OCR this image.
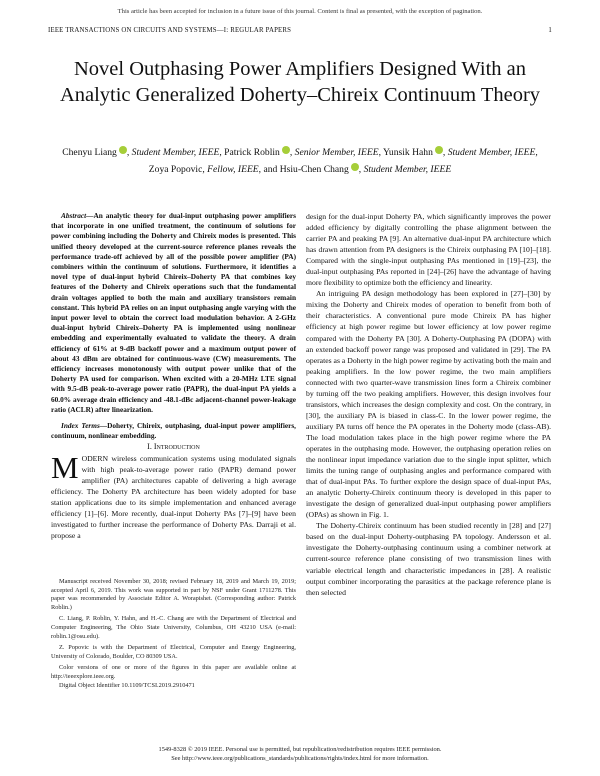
This article has been accepted for inclusion in a future issue of this journal. Content is final as presented, with the exception of pagination.
IEEE TRANSACTIONS ON CIRCUITS AND SYSTEMS—I: REGULAR PAPERS	1
Novel Outphasing Power Amplifiers Designed With an Analytic Generalized Doherty–Chireix Continuum Theory
Chenyu Liang , Student Member, IEEE, Patrick Roblin , Senior Member, IEEE, Yunsik Hahn , Student Member, IEEE, Zoya Popovic, Fellow, IEEE, and Hsiu-Chen Chang , Student Member, IEEE

Abstract—An analytic theory for dual-input outphasing power amplifiers that incorporate in one unified treatment, the continuum of solutions for power combining including the Doherty and Chireix modes is presented. This unified theory developed at the current-source reference planes reveals the performance trade-off achieved by all of the possible power amplifier (PA) combiners within the continuum of solutions. Furthermore, it identifies a novel type of dual-input hybrid Chireix–Doherty PA that combines key features of the Doherty and Chireix operations such that the fundamental drain voltages applied to both the main and auxiliary transistors remain constant. This hybrid PA relies on an input outphasing angle varying with the input power level to obtain the correct load modulation behavior. A 2-GHz dual-input hybrid Chireix–Doherty PA is implemented using nonlinear embedding and experimentally evaluated to validate the theory. A drain efficiency of 61% at 9-dB backoff power and a maximum output power of about 43 dBm are obtained for continuous-wave (CW) measurements. The efficiency increases monotonously with output power unlike that of the Doherty PA used for comparison. When excited with a 20-MHz LTE signal with 9.5-dB peak-to-average power ratio (PAPR), the dual-input PA yields a 60.0% average drain efficiency and -48.1-dBc adjacent-channel power-leakage ratio (ACLR) after linearization.

Index Terms—Doherty, Chireix, outphasing, dual-input power amplifiers, continuum, nonlinear embedding.

I. Introduction

MODERN wireless communication systems using modulated signals with high peak-to-average power ratio (PAPR) demand power amplifier (PA) architectures capable of delivering a high average efficiency. The Doherty PA architecture has been widely adopted for base station applications due to its simple implementation and enhanced average efficiency [1]–[6]. More recently, dual-input Doherty PAs [7]–[9] have been investigated to further increase the performance of Doherty PAs. Darraji et al. propose a

Manuscript received November 30, 2018; revised February 18, 2019 and March 19, 2019; accepted April 6, 2019. This work was supported in part by NSF under Grant 1711278. This paper was recommended by Associate Editor A. Worapishet. (Corresponding author: Patrick Roblin.)

C. Liang, P. Roblin, Y. Hahn, and H.-C. Chang are with the Department of Electrical and Computer Engineering, The Ohio State University, Columbus, OH 43210 USA (e-mail: roblin.1@osu.edu).

Z. Popovic is with the Department of Electrical, Computer and Energy Engineering, University of Colorado, Boulder, CO 80309 USA.

Color versions of one or more of the figures in this paper are available online at http://ieeexplore.ieee.org.

Digital Object Identifier 10.1109/TCSI.2019.2910471

design for the dual-input Doherty PA, which significantly improves the power added efficiency by digitally controlling the phase alignment between the carrier PA and peaking PA [9]. An alternative dual-input PA architecture which has drawn attention from PA designers is the Chireix outphasing PA [10]–[18]. Compared with the single-input outphasing PAs mentioned in [19]–[23], the dual-input outphasing PAs reported in [24]–[26] have the advantage of having more flexibility to optimize both the efficiency and linearity.

An intriguing PA design methodology has been explored in [27]–[30] by mixing the Doherty and Chireix modes of operation to benefit from both of their characteristics. A conventional pure mode Chireix PA has higher efficiency at high power regime but lower efficiency at low power regime compared with the Doherty PA [30]. A Doherty-Outphasing PA (DOPA) with an extended backoff power range was proposed and validated in [29]. The PA operates as a Doherty in the high power regime by activating both the main and peaking amplifiers. In the low power regime, the two main amplifiers connected with two quarter-wave transmission lines form a Chireix combiner by turning off the two peaking amplifiers. However, this design involves four transistors, which increases the design complexity and cost. On the contrary, in [30], the auxiliary PA is biased in class-C. In the lower power regime, the auxiliary PA turns off hence the PA operates in the Doherty mode (class-AB). The load modulation takes place in the high power regime where the PA operates in the outphasing mode. However, the outphasing operation relies on the nonlinear input impedance variation due to the single input splitter, which limits the tuning range of outphasing angles and performance compared with that of dual-input PAs. To further explore the design space of dual-input PAs, an analytic Doherty-Chireix continuum theory is developed in this paper to investigate the design of generalized dual-input outphasing power amplifiers (OPAs) as shown in Fig. 1.

The Doherty-Chireix continuum has been studied recently in [28] and [27] based on the dual-input Doherty-outphasing PA topology. Andersson et al. investigate the Doherty-outphasing continuum using a combiner network at current-source reference plane consisting of two transmission lines with variable electrical length and characteristic impedances in [28]. A realistic output combiner incorporating the parasitics at the package reference plane is then selected

1549-8328 © 2019 IEEE. Personal use is permitted, but republication/redistribution requires IEEE permission.
See http://www.ieee.org/publications_standards/publications/rights/index.html for more information.
